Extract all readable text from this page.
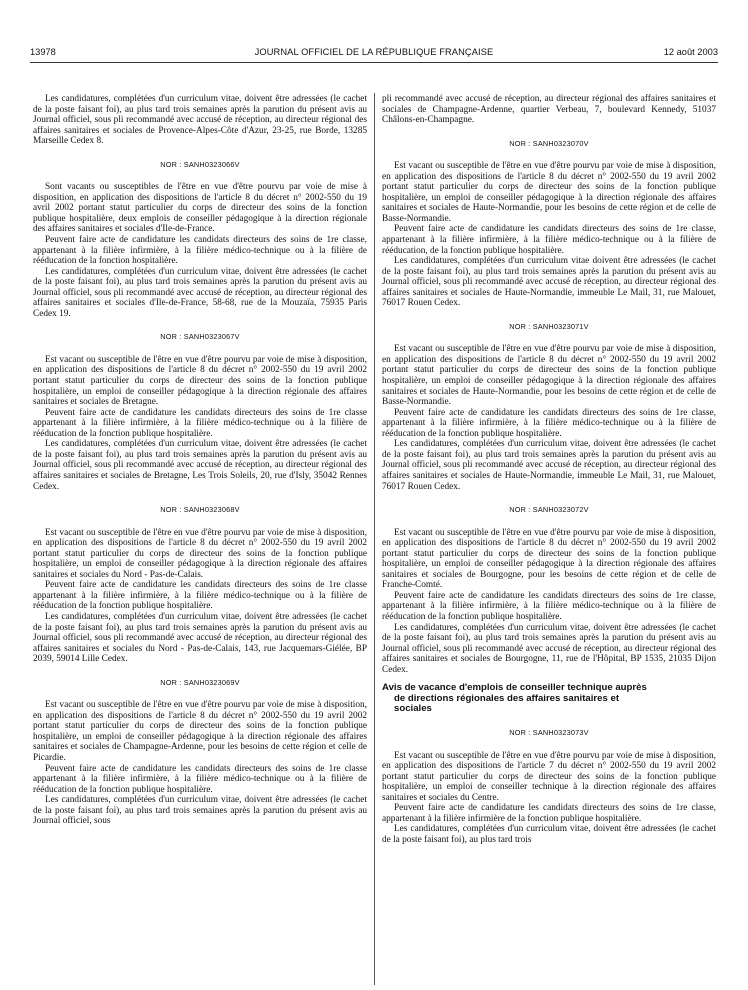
13978	JOURNAL OFFICIEL DE LA RÉPUBLIQUE FRANÇAISE	12 août 2003

Les candidatures, complétées d'un curriculum vitae, doivent être adressées (le cachet de la poste faisant foi), au plus tard trois semaines après la parution du présent avis au Journal officiel, sous pli recommandé avec accusé de réception, au directeur régional des affaires sanitaires et sociales de Provence-Alpes-Côte d'Azur, 23-25, rue Borde, 13285 Marseille Cedex 8.

NOR : SANH0323066V

Sont vacants ou susceptibles de l'être en vue d'être pourvu par voie de mise à disposition, en application des dispositions de l'article 8 du décret n° 2002-550 du 19 avril 2002 portant statut particulier du corps de directeur des soins de la fonction publique hospitalière, deux emplois de conseiller pédagogique à la direction régionale des affaires sanitaires et sociales d'Ile-de-France.

Peuvent faire acte de candidature les candidats directeurs des soins de 1re classe, appartenant à la filière infirmière, à la filière médico-technique ou à la filière de rééducation de la fonction hospitalière.

Les candidatures, complétées d'un curriculum vitae, doivent être adressées (le cachet de la poste faisant foi), au plus tard trois semaines après la parution du présent avis au Journal officiel, sous pli recommandé avec accusé de réception, au directeur régional des affaires sanitaires et sociales d'Ile-de-France, 58-68, rue de la Mouzaïa, 75935 Paris Cedex 19.

NOR : SANH0323067V

Est vacant ou susceptible de l'être en vue d'être pourvu par voie de mise à disposition, en application des dispositions de l'article 8 du décret n° 2002-550 du 19 avril 2002 portant statut particulier du corps de directeur des soins de la fonction publique hospitalière, un emploi de conseiller pédagogique à la direction régionale des affaires sanitaires et sociales de Bretagne.

Peuvent faire acte de candidature les candidats directeurs des soins de 1re classe appartenant à la filière infirmière, à la filière médico-technique ou à la filière de rééducation de la fonction publique hospitalière.

Les candidatures, complétées d'un curriculum vitae, doivent être adressées (le cachet de la poste faisant foi), au plus tard trois semaines après la parution du présent avis au Journal officiel, sous pli recommandé avec accusé de réception, au directeur régional des affaires sanitaires et sociales de Bretagne, Les Trois Soleils, 20, rue d'Isly, 35042 Rennes Cedex.

NOR : SANH0323068V

Est vacant ou susceptible de l'être en vue d'être pourvu par voie de mise à disposition, en application des dispositions de l'article 8 du décret n° 2002-550 du 19 avril 2002 portant statut particulier du corps de directeur des soins de la fonction publique hospitalière, un emploi de conseiller pédagogique à la direction régionale des affaires sanitaires et sociales du Nord - Pas-de-Calais.

Peuvent faire acte de candidature les candidats directeurs des soins de 1re classe appartenant à la filière infirmière, à la filière médico-technique ou à la filière de rééducation de la fonction publique hospitalière.

Les candidatures, complétées d'un curriculum vitae, doivent être adressées (le cachet de la poste faisant foi), au plus tard trois semaines après la parution du présent avis au Journal officiel, sous pli recommandé avec accusé de réception, au directeur régional des affaires sanitaires et sociales du Nord - Pas-de-Calais, 143, rue Jacquemars-Giélée, BP 2039, 59014 Lille Cedex.

NOR : SANH0323069V

Est vacant ou susceptible de l'être en vue d'être pourvu par voie de mise à disposition, en application des dispositions de l'article 8 du décret n° 2002-550 du 19 avril 2002 portant statut particulier du corps de directeur des soins de la fonction publique hospitalière, un emploi de conseiller pédagogique à la direction régionale des affaires sanitaires et sociales de Champagne-Ardenne, pour les besoins de cette région et celle de Picardie.

Peuvent faire acte de candidature les candidats directeurs des soins de 1re classe appartenant à la filière infirmière, à la filière médico-technique ou à la filière de rééducation de la fonction publique hospitalière.

Les candidatures, complétées d'un curriculum vitae, doivent être adressées (le cachet de la poste faisant foi), au plus tard trois semaines après la parution du présent avis au Journal officiel, sous

pli recommandé avec accusé de réception, au directeur régional des affaires sanitaires et sociales de Champagne-Ardenne, quartier Verbeau, 7, boulevard Kennedy, 51037 Châlons-en-Champagne.

NOR : SANH0323070V

Est vacant ou susceptible de l'être en vue d'être pourvu par voie de mise à disposition, en application des dispositions de l'article 8 du décret n° 2002-550 du 19 avril 2002 portant statut particulier du corps de directeur des soins de la fonction publique hospitalière, un emploi de conseiller pédagogique à la direction régionale des affaires sanitaires et sociales de Haute-Normandie, pour les besoins de cette région et de celle de Basse-Normandie.

Peuvent faire acte de candidature les candidats directeurs des soins de 1re classe, appartenant à la filière infirmière, à la filière médico-technique ou à la filière de rééducation, de la fonction publique hospitalière.

Les candidatures, complétées d'un curriculum vitae doivent être adressées (le cachet de la poste faisant foi), au plus tard trois semaines après la parution du présent avis au Journal officiel, sous pli recommandé avec accusé de réception, au directeur régional des affaires sanitaires et sociales de Haute-Normandie, immeuble Le Mail, 31, rue Malouet, 76017 Rouen Cedex.

NOR : SANH0323071V

Est vacant ou susceptible de l'être en vue d'être pourvu par voie de mise à disposition, en application des dispositions de l'article 8 du décret n° 2002-550 du 19 avril 2002 portant statut particulier du corps de directeur des soins de la fonction publique hospitalière, un emploi de conseiller pédagogique à la direction régionale des affaires sanitaires et sociales de Haute-Normandie, pour les besoins de cette région et de celle de Basse-Normandie.

Peuvent faire acte de candidature les candidats directeurs des soins de 1re classe, appartenant à la filière infirmière, à la filière médico-technique ou à la filière de rééducation de la fonction publique hospitalière.

Les candidatures, complétées d'un curriculum vitae, doivent être adressées (le cachet de la poste faisant foi), au plus tard trois semaines après la parution du présent avis au Journal officiel, sous pli recommandé avec accusé de réception, au directeur régional des affaires sanitaires et sociales de Haute-Normandie, immeuble Le Mail, 31, rue Malouet, 76017 Rouen Cedex.

NOR : SANH0323072V

Est vacant ou susceptible de l'être en vue d'être pourvu par voie de mise à disposition, en application des dispositions de l'article 8 du décret n° 2002-550 du 19 avril 2002 portant statut particulier du corps de directeur des soins de la fonction publique hospitalière, un emploi de conseiller pédagogique à la direction régionale des affaires sanitaires et sociales de Bourgogne, pour les besoins de cette région et de celle de Franche-Comté.

Peuvent faire acte de candidature les candidats directeurs des soins de 1re classe, appartenant à la filière infirmière, à la filière médico-technique ou à la filière de rééducation de la fonction publique hospitalière.

Les candidatures, complétées d'un curriculum vitae, doivent être adressées (le cachet de la poste faisant foi), au plus tard trois semaines après la parution du présent avis au Journal officiel, sous pli recommandé avec accusé de réception, au directeur régional des affaires sanitaires et sociales de Bourgogne, 11, rue de l'Hôpital, BP 1535, 21035 Dijon Cedex.

Avis de vacance d'emplois de conseiller technique auprès
de directions régionales des affaires sanitaires et
sociales
NOR : SANH0323073V

Est vacant ou susceptible de l'être en vue d'être pourvu par voie de mise à disposition, en application des dispositions de l'article 7 du décret n° 2002-550 du 19 avril 2002 portant statut particulier du corps de directeur des soins de la fonction publique hospitalière, un emploi de conseiller technique à la direction régionale des affaires sanitaires et sociales du Centre.

Peuvent faire acte de candidature les candidats directeurs des soins de 1re classe, appartenant à la filière infirmière de la fonction publique hospitalière.

Les candidatures, complétées d'un curriculum vitae, doivent être adressées (le cachet de la poste faisant foi), au plus tard trois
